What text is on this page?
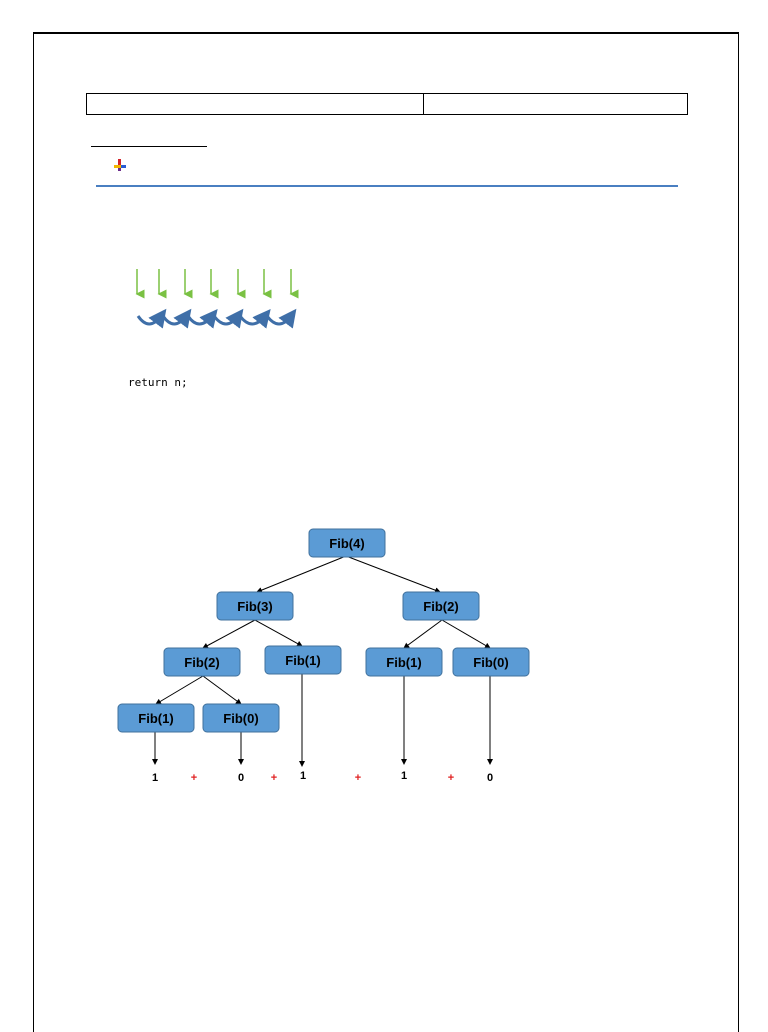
return n;
Fib(4)
Fib(3)	Fib(2)
Fib(2)	Fib(1)	Fib(1)	Fib(0)
Fib(1)	Fib(0)
1	+	0 + 1	+	1	+	0
